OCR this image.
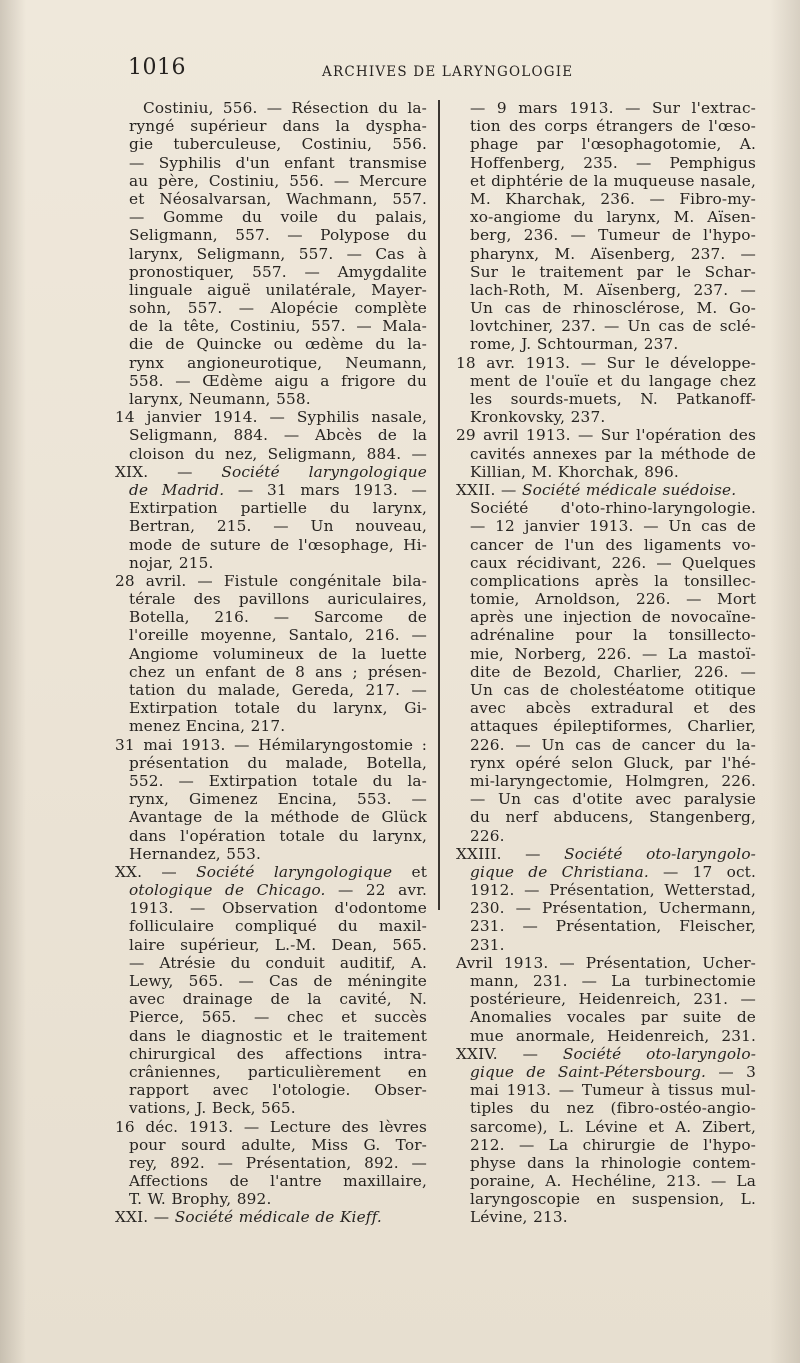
1016	ARCHIVES DE LARYNGOLOGIE
Costiniu, 556. — Résection du la-
ryngé supérieur dans la dyspha-
gie tuberculeuse, Costiniu, 556.
— Syphilis d'un enfant transmise
au père, Costiniu, 556. — Mercure
et Néosalvarsan, Wachmann, 557.
— Gomme du voile du palais,
Seligmann, 557. — Polypose du
larynx, Seligmann, 557. — Cas à
pronostiquer, 557. — Amygdalite
linguale aiguë unilatérale, Mayer-
sohn, 557. — Alopécie complète
de la tête, Costiniu, 557. — Mala-
die de Quincke ou œdème du la-
rynx angioneurotique, Neumann,
558. — Œdème aigu a frigore du
larynx, Neumann, 558.
14 janvier 1914. — Syphilis nasale,
Seligmann, 884. — Abcès de la
cloison du nez, Seligmann, 884. —
XIX. — Société laryngologique
de Madrid. — 31 mars 1913. —
Extirpation partielle du larynx,
Bertran, 215. — Un nouveau,
mode de suture de l'œsophage, Hi-
nojar, 215.
28 avril. — Fistule congénitale bila-
térale des pavillons auriculaires,
Botella, 216. — Sarcome de
l'oreille moyenne, Santalo, 216. —
Angiome volumineux de la luette
chez un enfant de 8 ans ; présen-
tation du malade, Gereda, 217. —
Extirpation totale du larynx, Gi-
menez Encina, 217.
31 mai 1913. — Hémilaryngostomie :
présentation du malade, Botella,
552. — Extirpation totale du la-
rynx, Gimenez Encina, 553. —
Avantage de la méthode de Glück
dans l'opération totale du larynx,
Hernandez, 553.
XX. — Société laryngologique et
otologique de Chicago. — 22 avr.
1913. — Observation d'odontome
folliculaire compliqué du maxil-
laire supérieur, L.-M. Dean, 565.
— Atrésie du conduit auditif, A.
Lewy, 565. — Cas de méningite
avec drainage de la cavité, N.
Pierce, 565. — chec et succès
dans le diagnostic et le traitement
chirurgical des affections intra-
crâniennes, particulièrement en
rapport avec l'otologie. Obser-
vations, J. Beck, 565.
16 déc. 1913. — Lecture des lèvres
pour sourd adulte, Miss G. Tor-
rey, 892. — Présentation, 892. —
Affections de l'antre maxillaire,
T. W. Brophy, 892.
XXI. — Société médicale de Kieff.
— 9 mars 1913. — Sur l'extrac-
tion des corps étrangers de l'œso-
phage par l'œsophagotomie, A.
Hoffenberg, 235. — Pemphigus
et diphtérie de la muqueuse nasale,
M. Kharchak, 236. — Fibro-my-
xo-angiome du larynx, M. Aïsen-
berg, 236. — Tumeur de l'hypo-
pharynx, M. Aïsenberg, 237. —
Sur le traitement par le Schar-
lach-Roth, M. Aïsenberg, 237. —
Un cas de rhinosclérose, M. Go-
lovtchiner, 237. — Un cas de sclé-
rome, J. Schtourman, 237.
18 avr. 1913. — Sur le développe-
ment de l'ouïe et du langage chez
les sourds-muets, N. Patkanoff-
Kronkovsky, 237.
29 avril 1913. — Sur l'opération des
cavités annexes par la méthode de
Killian, M. Khorchak, 896.
XXII. — Société médicale suédoise.
Société d'oto-rhino-laryngologie.
— 12 janvier 1913. — Un cas de
cancer de l'un des ligaments vo-
caux récidivant, 226. — Quelques
complications après la tonsillec-
tomie, Arnoldson, 226. — Mort
après une injection de novocaïne-
adrénaline pour la tonsillecto-
mie, Norberg, 226. — La mastoï-
dite de Bezold, Charlier, 226. —
Un cas de cholestéatome otitique
avec abcès extradural et des
attaques épileptiformes, Charlier,
226. — Un cas de cancer du la-
rynx opéré selon Gluck, par l'hé-
mi-laryngectomie, Holmgren, 226.
— Un cas d'otite avec paralysie
du nerf abducens, Stangenberg,
226.
XXIII. — Société oto-laryngolo-
gique de Christiana. — 17 oct.
1912. — Présentation, Wetterstad,
230. — Présentation, Uchermann,
231. — Présentation, Fleischer,
231.
Avril 1913. — Présentation, Ucher-
mann, 231. — La turbinectomie
postérieure, Heidenreich, 231. —
Anomalies vocales par suite de
mue anormale, Heidenreich, 231.
XXIV. — Société oto-laryngolo-
gique de Saint-Pétersbourg. — 3
mai 1913. — Tumeur à tissus mul-
tiples du nez (fibro-ostéo-angio-
sarcome), L. Lévine et A. Zibert,
212. — La chirurgie de l'hypo-
physe dans la rhinologie contem-
poraine, A. Hechéline, 213. — La
laryngoscopie en suspension, L.
Lévine, 213.
